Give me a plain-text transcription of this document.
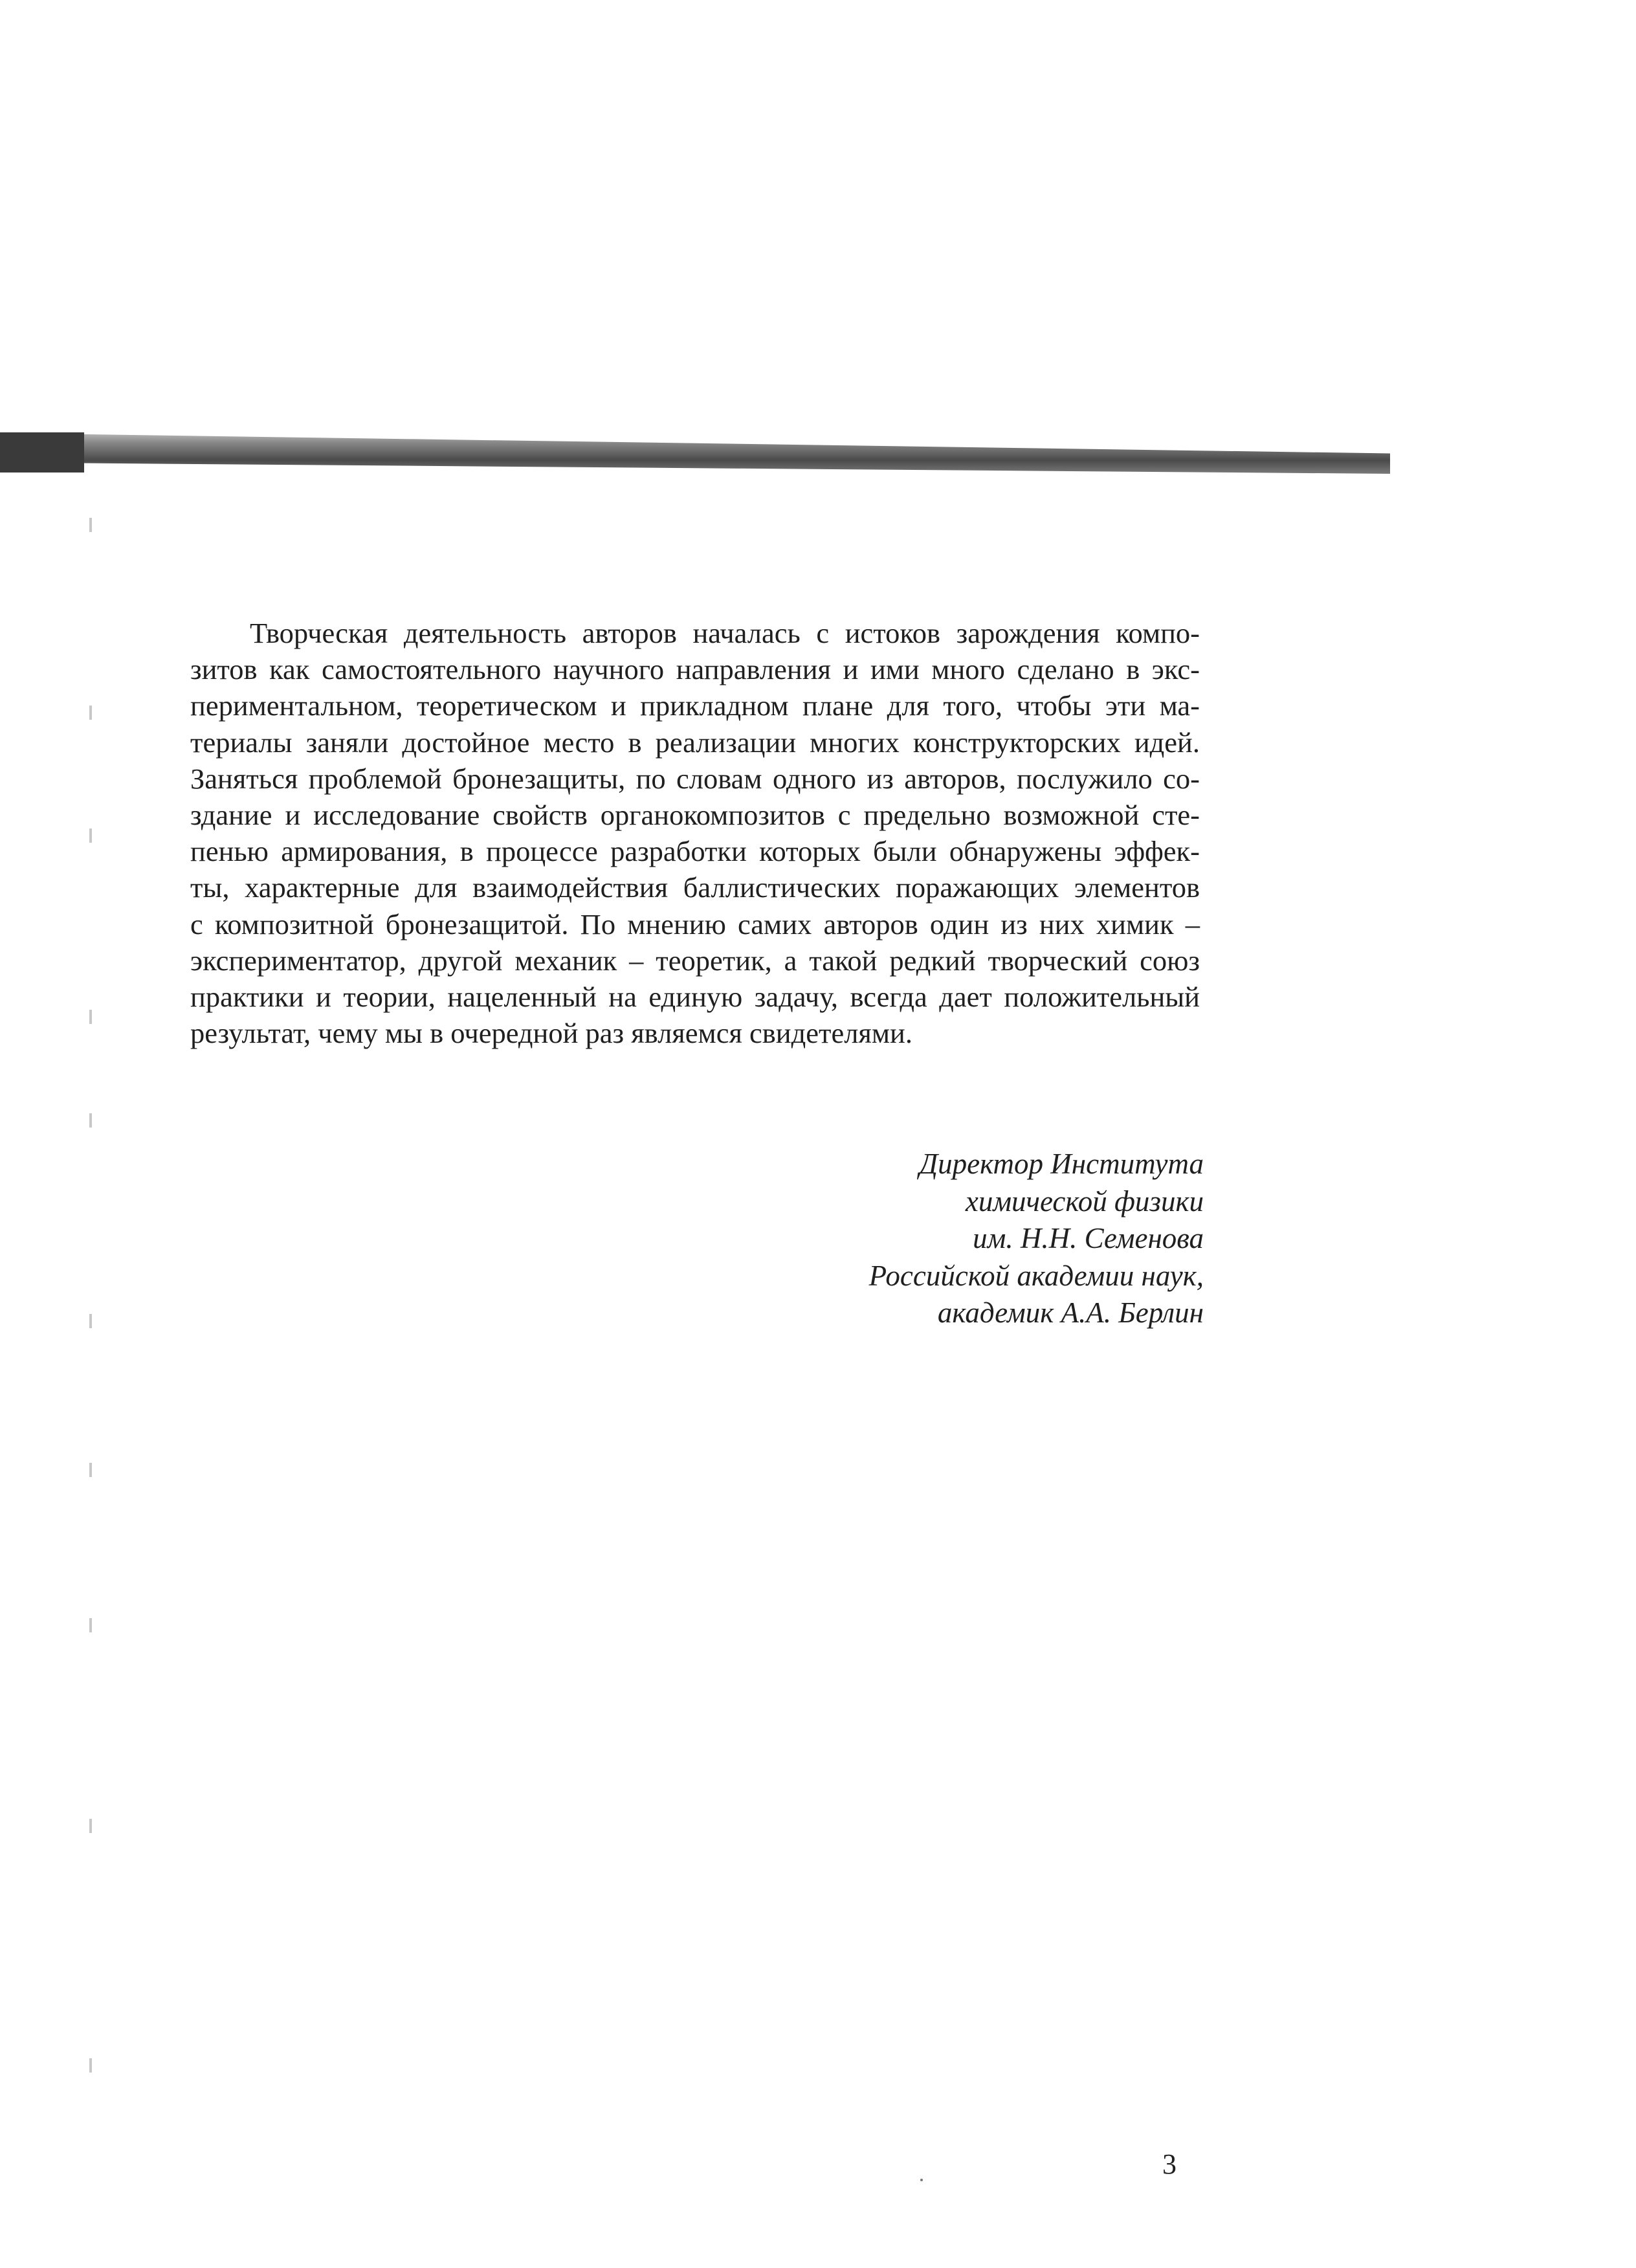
Творческая деятельность авторов началась с истоков зарождения компо-
зитов как самостоятельного научного направления и ими много сделано в экс-
периментальном, теоретическом и прикладном плане для того, чтобы эти ма-
териалы заняли достойное место в реализации многих конструкторских идей.
Заняться проблемой бронезащиты, по словам одного из авторов, послужило со-
здание и исследование свойств органокомпозитов с предельно возможной сте-
пенью армирования, в процессе разработки которых были обнаружены эффек-
ты, характерные для взаимодействия баллистических поражающих элементов
с композитной бронезащитой. По мнению самих авторов один из них химик –
экспериментатор, другой механик – теоретик, а такой редкий творческий союз
практики и теории, нацеленный на единую задачу, всегда дает положительный
результат, чему мы в очередной раз являемся свидетелями.
Директор Института
химической физики
им. Н.Н. Семенова
Российской академии наук,
академик А.А. Берлин
3
